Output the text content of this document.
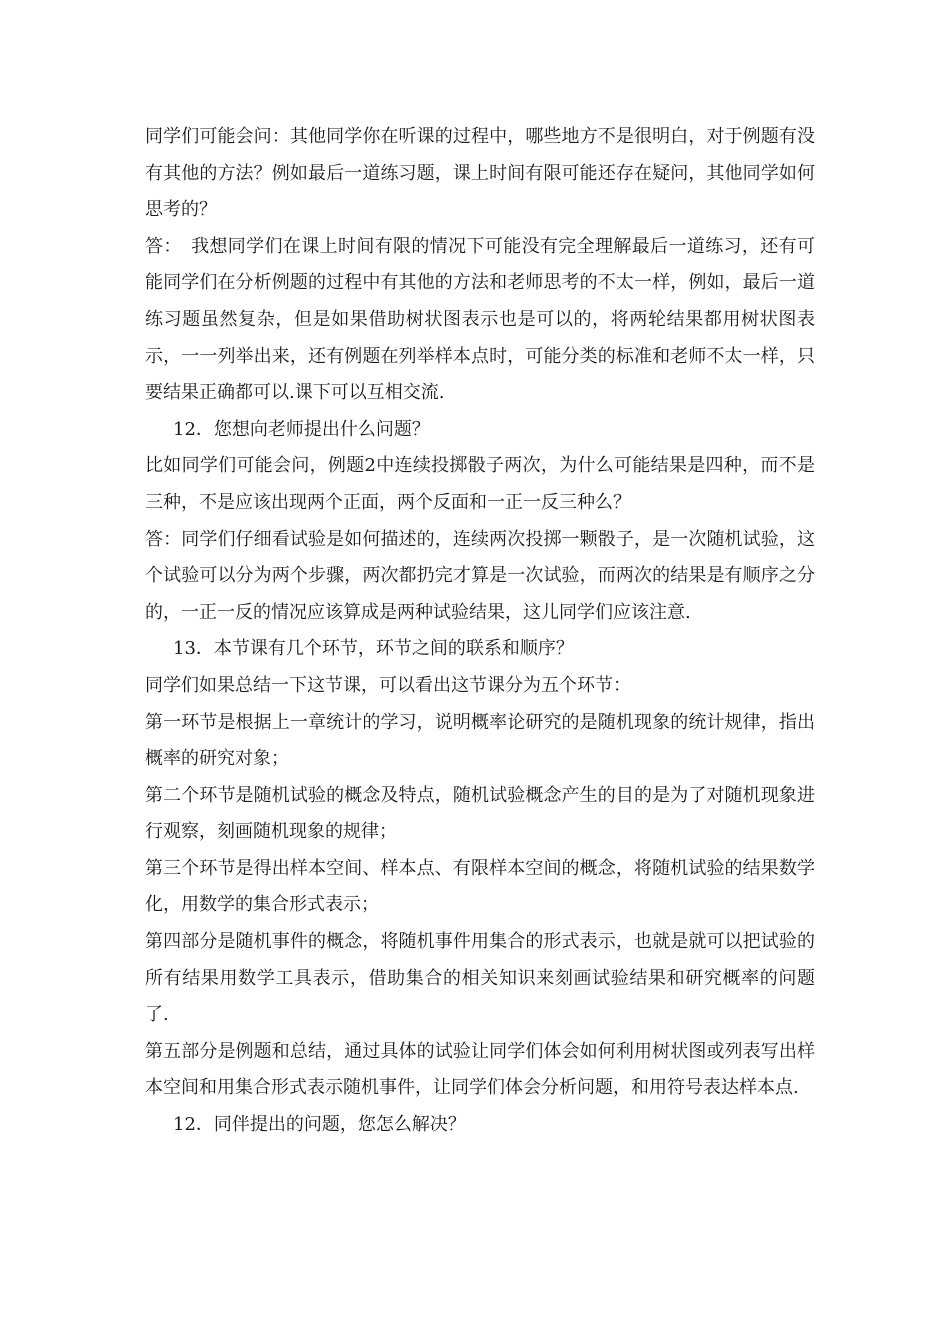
同学们可能会问：其他同学你在听课的过程中，哪些地方不是很明白，对于例题有没有其他的方法？例如最后一道练习题，课上时间有限可能还存在疑问，其他同学如何思考的？

答：　我想同学们在课上时间有限的情况下可能没有完全理解最后一道练习，还有可能同学们在分析例题的过程中有其他的方法和老师思考的不太一样，例如，最后一道练习题虽然复杂，但是如果借助树状图表示也是可以的，将两轮结果都用树状图表示，一一列举出来，还有例题在列举样本点时，可能分类的标准和老师不太一样，只要结果正确都可以.课下可以互相交流.

12．您想向老师提出什么问题？

比如同学们可能会问，例题2中连续投掷骰子两次，为什么可能结果是四种，而不是三种，不是应该出现两个正面，两个反面和一正一反三种么？

答：同学们仔细看试验是如何描述的，连续两次投掷一颗骰子，是一次随机试验，这个试验可以分为两个步骤，两次都扔完才算是一次试验，而两次的结果是有顺序之分的，一正一反的情况应该算成是两种试验结果，这儿同学们应该注意.

13．本节课有几个环节，环节之间的联系和顺序？

同学们如果总结一下这节课，可以看出这节课分为五个环节：

第一环节是根据上一章统计的学习，说明概率论研究的是随机现象的统计规律，指出概率的研究对象；

第二个环节是随机试验的概念及特点，随机试验概念产生的目的是为了对随机现象进行观察，刻画随机现象的规律；

第三个环节是得出样本空间、样本点、有限样本空间的概念，将随机试验的结果数学化，用数学的集合形式表示；

第四部分是随机事件的概念，将随机事件用集合的形式表示，也就是就可以把试验的所有结果用数学工具表示，借助集合的相关知识来刻画试验结果和研究概率的问题了.

第五部分是例题和总结，通过具体的试验让同学们体会如何利用树状图或列表写出样本空间和用集合形式表示随机事件，让同学们体会分析问题，和用符号表达样本点.

12．同伴提出的问题，您怎么解决？
